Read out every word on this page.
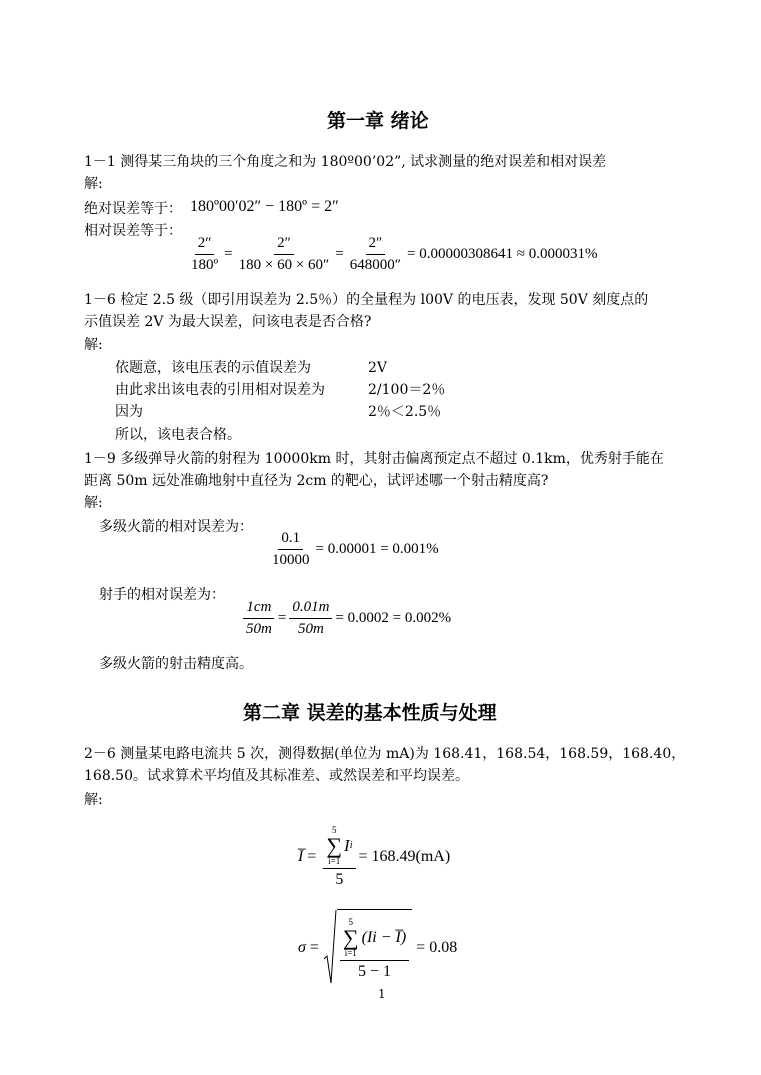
第一章 绪论
1－1 测得某三角块的三个角度之和为 180º00’02”, 试求测量的绝对误差和相对误差
解:
绝对误差等于： 180º00′02″ − 180º = 2″
相对误差等于：
$\frac{2''}{\text{180º}} = \frac{2''}{180 \times 60 \times 60''} = \frac{2''}{648000''} = 0.00000308641 \approx 0.000031\%$
1－6 检定 2.5 级（即引用误差为 2.5％）的全量程为 l00V 的电压表，发现 50V 刻度点的
示值误差 2V 为最大误差，问该电表是否合格?
解:
依题意，该电压表的示值误差为	2V
由此求出该电表的引用相对误差为	2/100＝2％
因为	2％＜2.5％
所以，该电表合格。
1－9 多级弹导火箭的射程为 10000km 时，其射击偏离预定点不超过 0.1km，优秀射手能在
距离 50m 远处准确地射中直径为 2cm 的靶心，试评述哪一个射击精度高?
解:
多级火箭的相对误差为：
$\frac{0.1}{10000} = 0.00001 = 0.001\%$
射手的相对误差为：
$\frac{1cm}{50m} = \frac{0.01m}{50m} = 0.0002 = 0.002\%$
多级火箭的射击精度高。
第二章 误差的基本性质与处理
2－6 测量某电路电流共 5 次，测得数据(单位为 mA)为 168.41，168.54，168.59，168.40，
168.50。试求算术平均值及其标准差、或然误差和平均误差。
解:
I̅ = 5
∑
i=1
I i
5 = 168.49(mA)
σ =
5
∑
i=1
(Ii − I̅)
5 − 1
= 0.08
1
